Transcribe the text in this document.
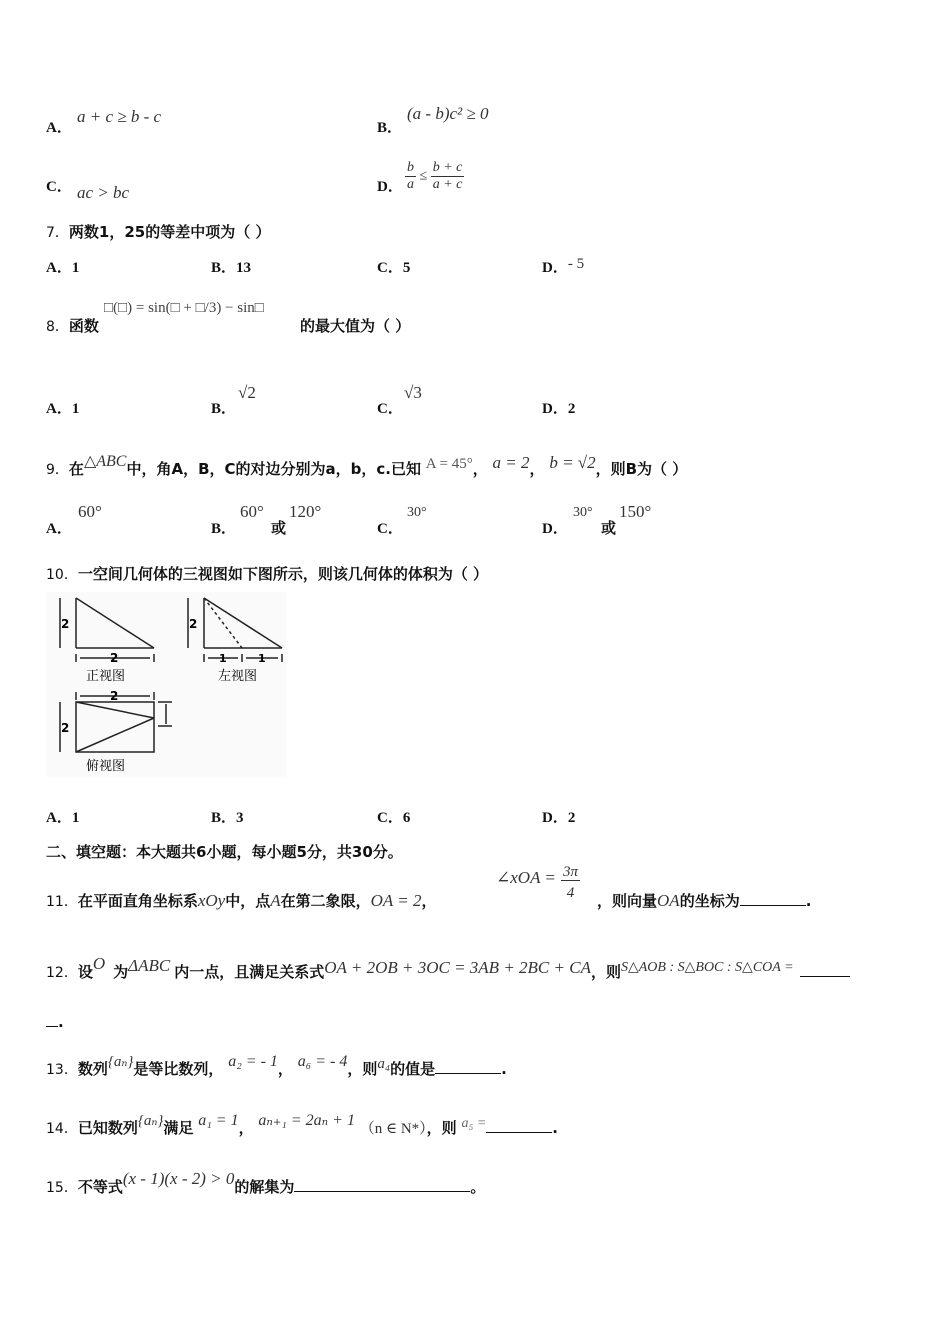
A．
a + c ≥ b - c
B．
(a - b)c² ≥ 0
C． ac > bc	D． $\frac{b}{a} \le \frac{b + c}{a + c}$
7．两数1，25的等差中项为（ ）
A．1	B．13	C．5	D．- 5
8．函数
□(□) = sin(□ + □/3) − sin□
的最大值为（ ）
A．1	B．
√2
C．
√3
D．2
9．在△ABC中，角A，B，C的对边分别为a，b，c.已知 A = 45°， a = 2， b = √2，则B为（ ）
A．
60°
B．
60°
或
120°
C．
30°
D．
30°
或
150°
10．一空间几何体的三视图如下图所示，则该几何体的体积为（ ）
2
2
正视图
2
1	1
左视图
2
2
俯视图
A．1	B．3	C．6	D．2
二、填空题：本大题共6小题，每小题5分，共30分。
11．在平面直角坐标系xOy中，点A在第二象限，OA = 2，
∠xOA = $\frac{3\pi}{4}$ ，则向量OA的坐标为	.
12．设O 为ΔABC 内一点，且满足关系式OA + 2OB + 3OC = 3AB + 2BC + CA，则S△AOB : S△BOC : S△COA =
.
13．数列{aₙ}是等比数列， a₂ = - 1， a₆ = - 4，则a₄的值是	.
14．已知数列{aₙ}满足 a₁ = 1， aₙ₊₁ = 2aₙ + 1 （n ∈ N*），则 a₅ =	.
15．不等式(x - 1)(x - 2) > 0的解集为	。
